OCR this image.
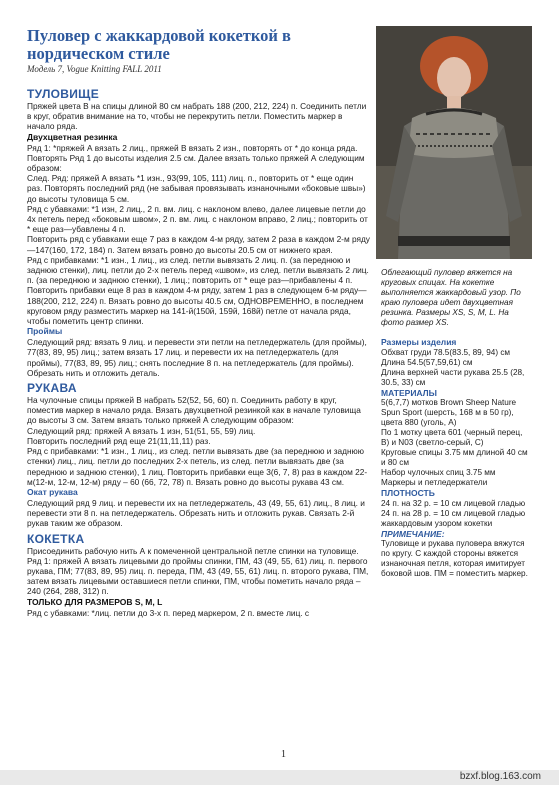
Пуловер с жаккардовой кокеткой в нордическом стиле
Модель 7, Vogue Knitting FALL 2011
ТУЛОВИЩЕ
Пряжей цвета В на спицы длиной 80 см набрать 188 (200, 212, 224) п. Соединить петли в круг, обратив внимание на то, чтобы не перекрутить петли. Поместить маркер в начало ряда.
Двухцветная резинка
Ряд 1: *пряжей А вязать 2 лиц., пряжей В вязать 2 изн., повторять от * до конца ряда. Повторять Ряд 1 до высоты изделия 2.5 см. Далее вязать только пряжей А следующим образом:
След. Ряд: пряжей А вязать *1 изн., 93(99, 105, 111) лиц. п., повторить от * еще один раз. Повторять последний ряд (не забывая провязывать изнаночными «боковые швы») до высоты туловища 5 см.
Ряд с убавками: *1 изн, 2 лиц., 2 п. вм. лиц. с наклоном влево, далее лицевые петли до 4х петель перед «боковым швом», 2 п. вм. лиц. с наклоном вправо, 2 лиц.; повторить от * еще раз—убавлены 4 п.
Повторить ряд с убавками еще 7 раз в каждом 4-м ряду, затем 2 раза в каждом 2-м ряду—147(160, 172, 184) п. Затем вязать ровно до высоты 20.5 см от нижнего края.
Ряд с прибавками: *1 изн., 1 лиц., из след. петли вывязать 2 лиц. п. (за переднюю и заднюю стенки), лиц. петли до 2-х петель перед «швом», из след. петли вывязать 2 лиц. п. (за переднюю и заднюю стенки), 1 лиц.; повторить от * еще раз—прибавлены 4 п.
Повторить прибавки еще 8 раз в каждом 4-м ряду, затем 1 раз в следующем 6-м ряду—188(200, 212, 224) п. Вязать ровно до высоты 40.5 см, ОДНОВРЕМЕННО, в последнем круговом ряду разместить маркер на 141-й(150й, 159й, 168й) петле от начала ряда, чтобы пометить центр спинки.
Проймы
Следующий ряд: вязать 9 лиц. и перевести эти петли на петледержатель (для проймы), 77(83, 89, 95) лиц.; затем вязать 17 лиц. и перевести их на петледержатель (для проймы), 77(83, 89, 95) лиц.; снять последние 8 п. на петледержатель (для проймы). Обрезать нить и отложить деталь.
РУКАВА
На чулочные спицы пряжей В набрать 52(52, 56, 60) п. Соединить работу в круг, поместив маркер в начало ряда. Вязать двухцветной резинкой как в начале туловища до высоты 3 см. Затем вязать только пряжей А следующим образом:
Следующий ряд: пряжей А вязать 1 изн, 51(51, 55, 59) лиц.
Повторить последний ряд еще 21(11,11,11) раз.
Ряд с прибавками: *1 изн., 1 лиц., из след. петли вывязать две (за переднюю и заднюю стенки) лиц., лиц. петли до последних 2-х петель, из след. петли вывязать две (за переднюю и заднюю стенки), 1 лиц. Повторить прибавки еще 3(6, 7, 8) раз в каждом 22-м(12-м, 12-м, 12-м) ряду – 60 (66, 72, 78) п. Вязать ровно до высоты рукава 43 см.
Окат рукава
Следующий ряд 9 лиц. и перевести их на петледержатель, 43 (49, 55, 61) лиц., 8 лиц. и перевести эти 8 п. на петледержатель. Обрезать нить и отложить рукав. Связать 2-й рукав таким же образом.
КОКЕТКА
Присоединить рабочую нить А к помеченной центральной петле спинки на туловище.
Ряд 1: пряжей А вязать лицевыми до проймы спинки, ПМ, 43 (49, 55, 61) лиц. п. первого рукава, ПМ; 77(83, 89, 95) лиц. п. переда, ПМ, 43 (49, 55, 61) лиц. п. второго рукава, ПМ, затем вязать лицевыми оставшиеся петли спинки, ПМ, чтобы пометить начало ряда – 240 (264, 288, 312) п.
ТОЛЬКО ДЛЯ РАЗМЕРОВ S, M, L
Ряд с убавками: *лиц. петли до 3-х п. перед маркером, 2 п. вместе лиц. с
Облегающий пуловер вяжется на круговых спицах. На кокетке выполняется жаккардовый узор. По краю пуловера идет двухцветная резинка. Размеры XS, S, M, L. На фото размер XS.
Размеры изделия
Обхват груди 78.5(83.5, 89, 94) см
Длина 54.5(57,59,61) см
Длина верхней части рукава 25.5 (28, 30.5, 33) см
МАТЕРИАЛЫ
5(6,7,7) мотков Brown Sheep Nature Spun Sport (шерсть, 168 м в 50 гр), цвета 880 (уголь, А)
По 1 мотку цвета 601 (черный перец, В) и N03 (светло-серый, С)
Круговые спицы 3.75 мм длиной 40 см и 80 см
Набор чулочных спиц 3.75 мм
Маркеры и петледержатели
ПЛОТНОСТЬ
24 п. на 32 р. = 10 см лицевой гладью
24 п. на 28 р. = 10 см лицевой гладью жаккардовым узором кокетки
ПРИМЕЧАНИЕ:
Туловище и рукава пуловера вяжутся по кругу. С каждой стороны вяжется изнаночная петля, которая имитирует боковой шов. ПМ = поместить маркер.
1
bzxf.blog.163.com
